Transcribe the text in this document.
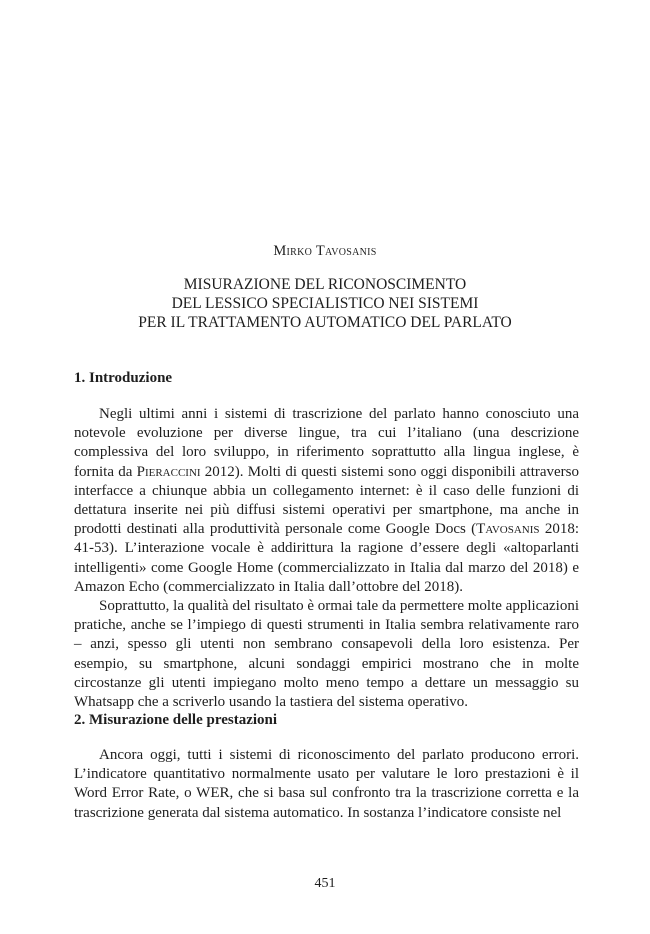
Mirko Tavosanis
MISURAZIONE DEL RICONOSCIMENTO
DEL LESSICO SPECIALISTICO NEI SISTEMI
PER IL TRATTAMENTO AUTOMATICO DEL PARLATO
1. Introduzione

Negli ultimi anni i sistemi di trascrizione del parlato hanno conosciuto una notevole evoluzione per diverse lingue, tra cui l’italiano (una descrizione complessiva del loro sviluppo, in riferimento soprattutto alla lingua inglese, è fornita da Pieraccini 2012). Molti di questi sistemi sono oggi disponibili attraverso interfacce a chiunque abbia un collegamento internet: è il caso delle funzioni di dettatura inserite nei più diffusi sistemi operativi per smartphone, ma anche in prodotti destinati alla produttività personale come Google Docs (Tavosanis 2018: 41-53). L’interazione vocale è addirittura la ragione d’essere degli «altoparlanti intelligenti» come Google Home (commercializzato in Italia dal marzo del 2018) e Amazon Echo (commercializzato in Italia dall’ottobre del 2018).

Soprattutto, la qualità del risultato è ormai tale da permettere molte applicazioni pratiche, anche se l’impiego di questi strumenti in Italia sembra relativamente raro – anzi, spesso gli utenti non sembrano consapevoli della loro esistenza. Per esempio, su smartphone, alcuni sondaggi empirici mostrano che in molte circostanze gli utenti impiegano molto meno tempo a dettare un messaggio su Whatsapp che a scriverlo usando la tastiera del sistema operativo.

2. Misurazione delle prestazioni

Ancora oggi, tutti i sistemi di riconoscimento del parlato producono errori. L’indicatore quantitativo normalmente usato per valutare le loro prestazioni è il Word Error Rate, o WER, che si basa sul confronto tra la trascrizione corretta e la trascrizione generata dal sistema automatico. In sostanza l’indicatore consiste nel

451
